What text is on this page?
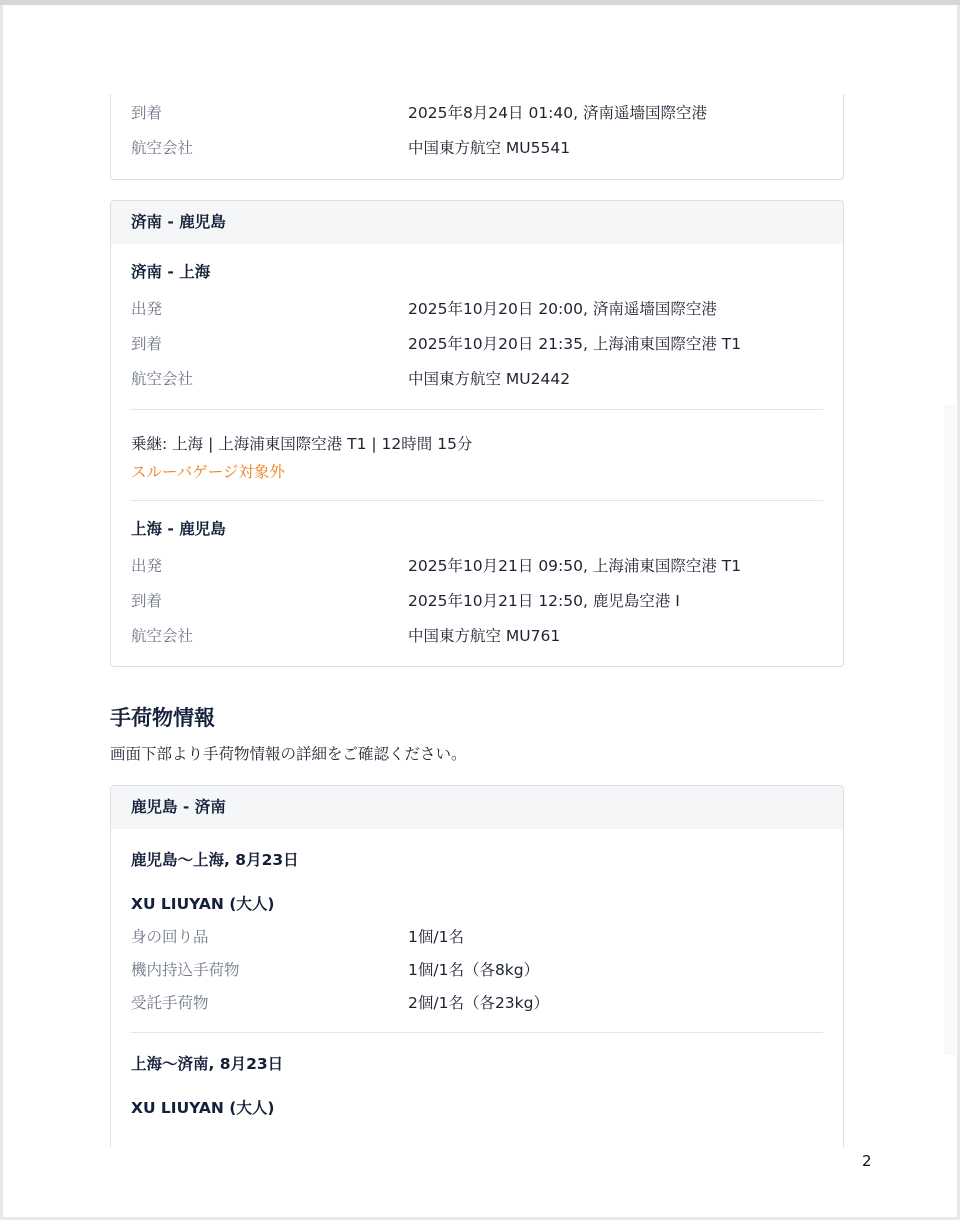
到着	2025年8月24日 01:40, 済南遥墻国際空港
航空会社	中国東方航空 MU5541
済南 - 鹿児島
済南 - 上海
出発	2025年10月20日 20:00, 済南遥墻国際空港
到着	2025年10月20日 21:35, 上海浦東国際空港 T1
航空会社	中国東方航空 MU2442
乗継: 上海 | 上海浦東国際空港 T1 | 12時間 15分
スルーバゲージ対象外
上海 - 鹿児島
出発	2025年10月21日 09:50, 上海浦東国際空港 T1
到着	2025年10月21日 12:50, 鹿児島空港 I
航空会社	中国東方航空 MU761
手荷物情報
画面下部より手荷物情報の詳細をご確認ください。
鹿児島 - 済南
鹿児島〜上海, 8月23日
XU LIUYAN (大人)
身の回り品	1個/1名
機内持込手荷物	1個/1名（各8kg）
受託手荷物	2個/1名（各23kg）
上海〜済南, 8月23日
XU LIUYAN (大人)
2
